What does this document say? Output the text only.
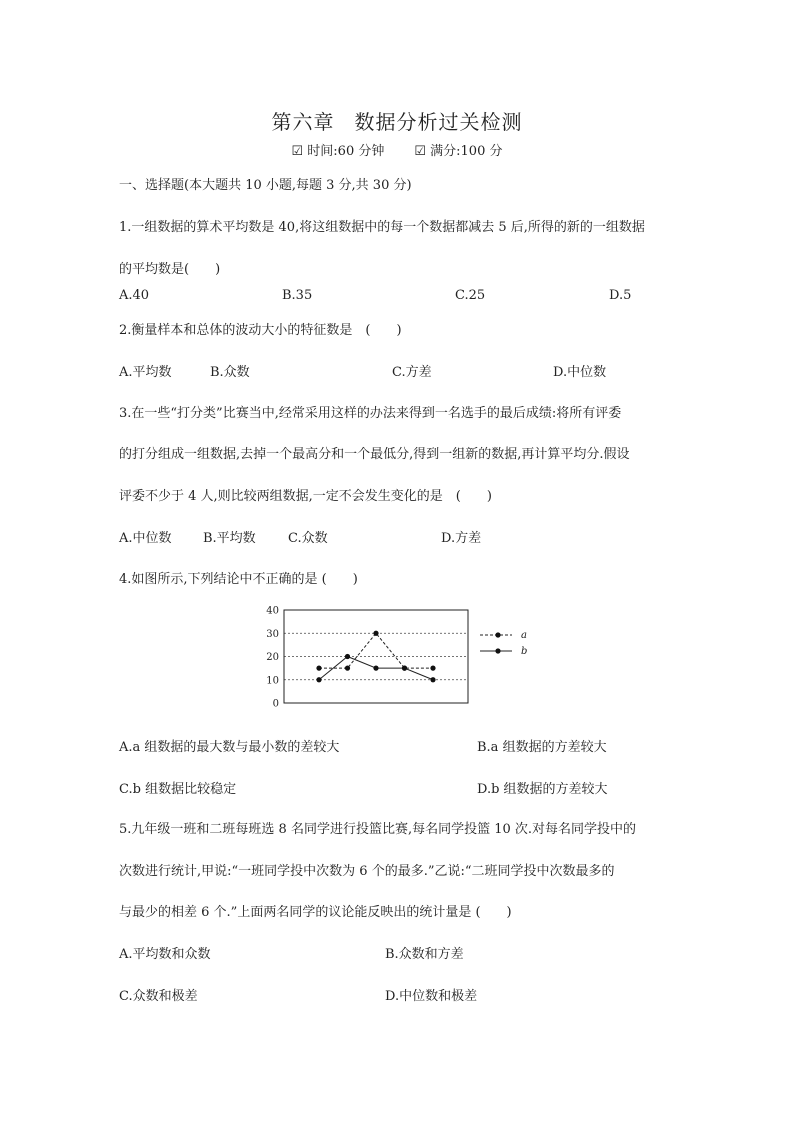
第六章 数据分析过关检测
☑ 时间:60 分钟 ☑ 满分:100 分
一、选择题(本大题共 10 小题,每题 3 分,共 30 分)
1.一组数据的算术平均数是 40,将这组数据中的每一个数据都减去 5 后,所得的新的一组数据
的平均数是(　　)
A.40	B.35	C.25	D.5
2.衡量样本和总体的波动大小的特征数是　(　　)
A.平均数	B.众数	C.方差	D.中位数
3.在一些“打分类”比赛当中,经常采用这样的办法来得到一名选手的最后成绩:将所有评委
的打分组成一组数据,去掉一个最高分和一个最低分,得到一组新的数据,再计算平均分.假设
评委不少于 4 人,则比较两组数据,一定不会发生变化的是　(　　)
A.中位数 B.平均数 C.众数	D.方差
4.如图所示,下列结论中不正确的是 (　　)
0
10
20
30
40
a
b
A.a 组数据的最大数与最小数的差较大	B.a 组数据的方差较大
C.b 组数据比较稳定	D.b 组数据的方差较大
5.九年级一班和二班每班选 8 名同学进行投篮比赛,每名同学投篮 10 次.对每名同学投中的
次数进行统计,甲说:“一班同学投中次数为 6 个的最多.”乙说:“二班同学投中次数最多的
与最少的相差 6 个.”上面两名同学的议论能反映出的统计量是 (　　)
A.平均数和众数	B.众数和方差
C.众数和极差	D.中位数和极差
